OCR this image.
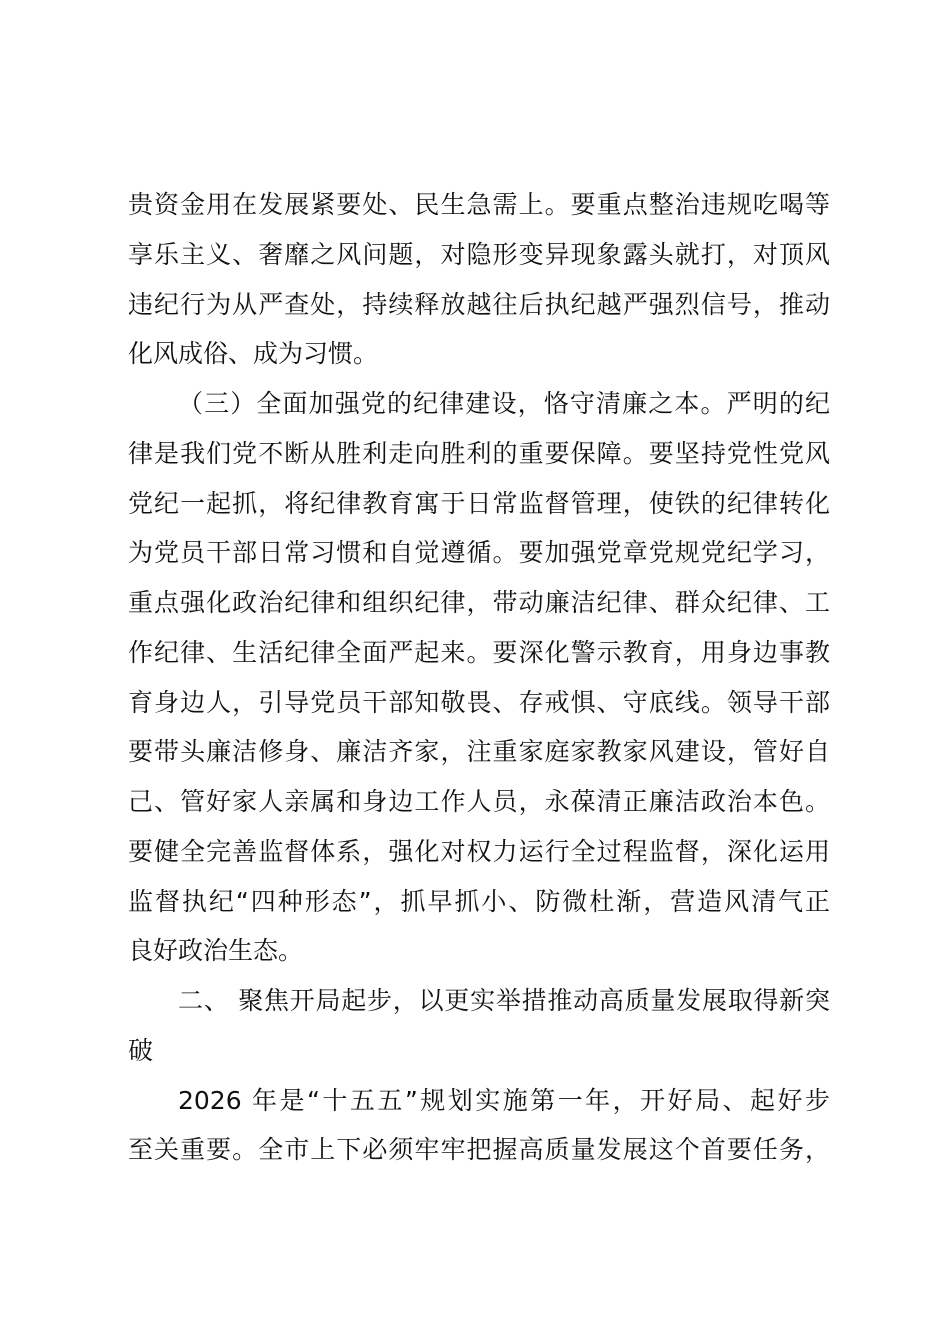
贵资金用在发展紧要处、民生急需上。要重点整治违规吃喝等
享乐主义、奢靡之风问题，对隐形变异现象露头就打，对顶风
违纪行为从严查处，持续释放越往后执纪越严强烈信号，推动
化风成俗、成为习惯。
（三）全面加强党的纪律建设，恪守清廉之本。严明的纪
律是我们党不断从胜利走向胜利的重要保障。要坚持党性党风
党纪一起抓，将纪律教育寓于日常监督管理，使铁的纪律转化
为党员干部日常习惯和自觉遵循。要加强党章党规党纪学习，
重点强化政治纪律和组织纪律，带动廉洁纪律、群众纪律、工
作纪律、生活纪律全面严起来。要深化警示教育，用身边事教
育身边人，引导党员干部知敬畏、存戒惧、守底线。领导干部
要带头廉洁修身、廉洁齐家，注重家庭家教家风建设，管好自
己、管好家人亲属和身边工作人员，永葆清正廉洁政治本色。
要健全完善监督体系，强化对权力运行全过程监督，深化运用
监督执纪“四种形态”，抓早抓小、防微杜渐，营造风清气正
良好政治生态。
二、 聚焦开局起步，以更实举措推动高质量发展取得新突
破
2026 年是“十五五”规划实施第一年，开好局、起好步
至关重要。全市上下必须牢牢把握高质量发展这个首要任务，
